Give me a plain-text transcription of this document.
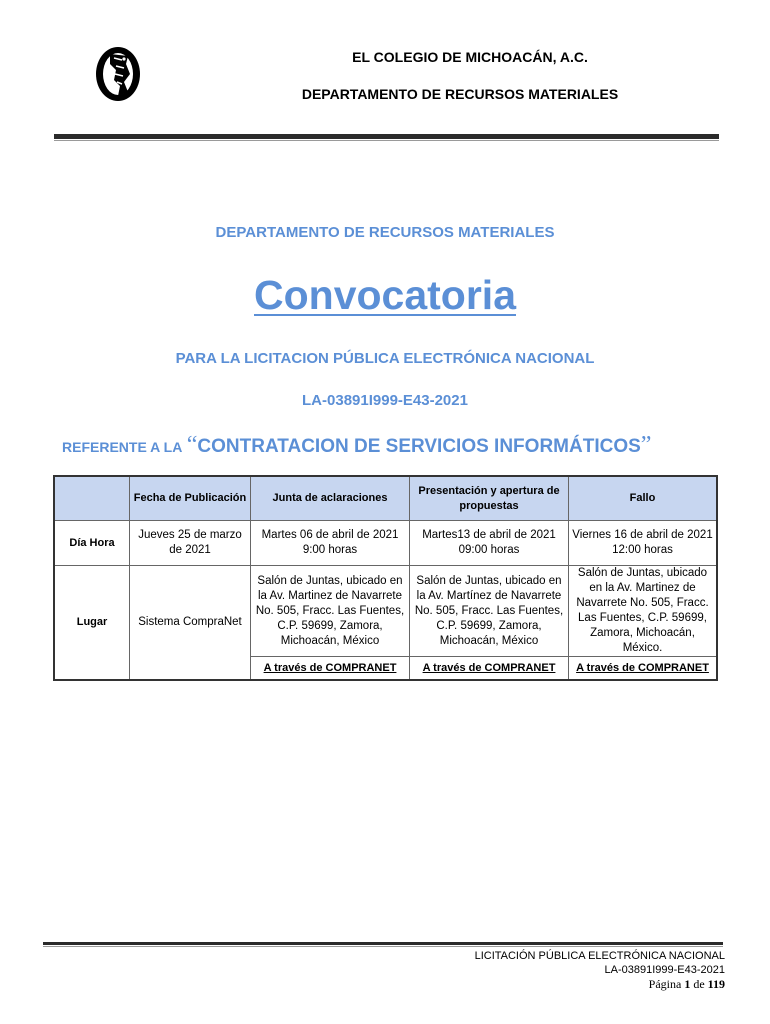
EL COLEGIO DE MICHOACÁN, A.C.
DEPARTAMENTO DE RECURSOS MATERIALES
DEPARTAMENTO DE RECURSOS MATERIALES
Convocatoria
PARA LA LICITACION PÚBLICA ELECTRÓNICA NACIONAL
LA-03891I999-E43-2021
REFERENTE A LA “CONTRATACION DE SERVICIOS INFORMÁTICOS”
	Fecha de Publicación	Junta de aclaraciones	Presentación y apertura de propuestas	Fallo
Día Hora	Jueves 25 de marzo de 2021	Martes 06 de abril de 2021 9:00 horas	Martes13 de abril de 2021 09:00 horas	Viernes 16 de abril de 2021 12:00 horas
Lugar	Sistema CompraNet	Salón de Juntas, ubicado en la Av. Martinez de Navarrete No. 505, Fracc. Las Fuentes, C.P. 59699, Zamora, Michoacán, México	Salón de Juntas, ubicado en la Av. Martínez de Navarrete No. 505, Fracc. Las Fuentes, C.P. 59699, Zamora, Michoacán, México	Salón de Juntas, ubicado en la Av. Martinez de Navarrete No. 505, Fracc. Las Fuentes, C.P. 59699, Zamora, Michoacán, México.
		A través de COMPRANET	A través de COMPRANET	A través de COMPRANET
LICITACIÓN PÚBLICA ELECTRÓNICA NACIONAL
LA-03891I999-E43-2021
Página 1 de 119
